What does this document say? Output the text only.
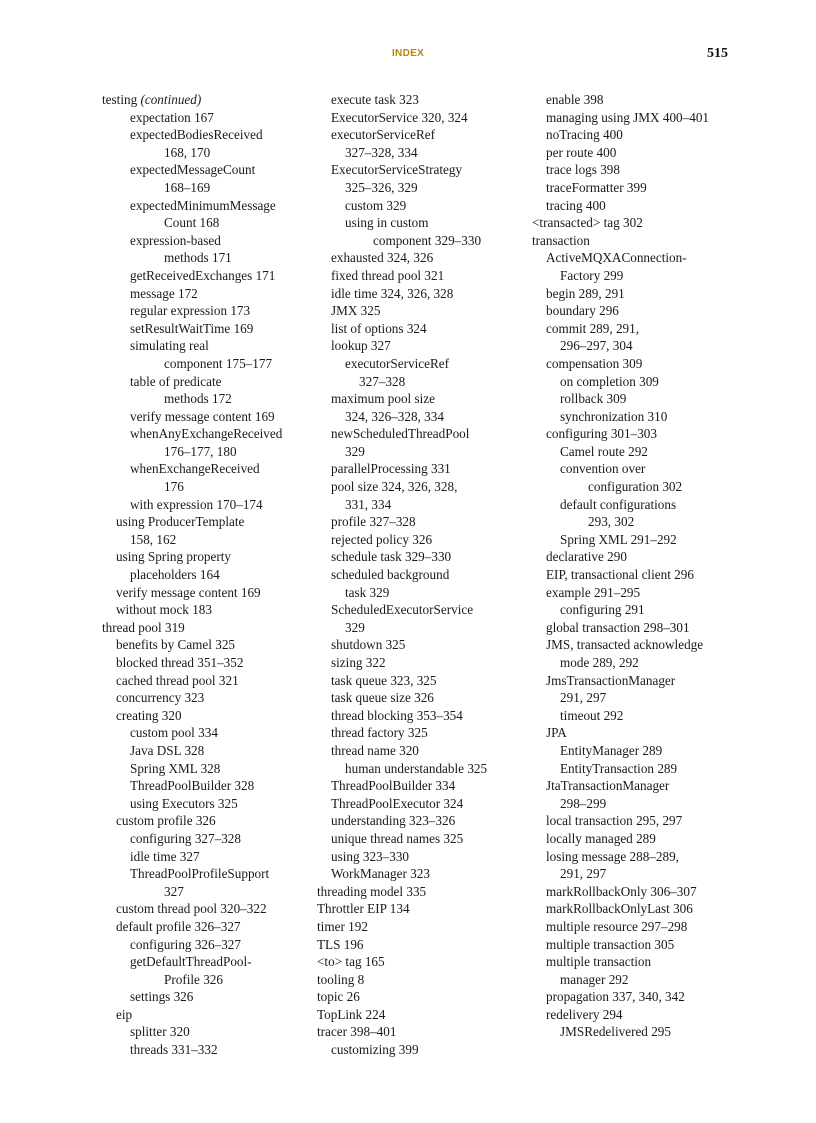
INDEX	515
testing (continued)
expectation 167
expectedBodiesReceived
168, 170
expectedMessageCount
168–169
expectedMinimumMessage
Count 168
expression-based
methods 171
getReceivedExchanges 171
message 172
regular expression 173
setResultWaitTime 169
simulating real
component 175–177
table of predicate
methods 172
verify message content 169
whenAnyExchangeReceived
176–177, 180
whenExchangeReceived
176
with expression 170–174
using ProducerTemplate
158, 162
using Spring property
placeholders 164
verify message content 169
without mock 183
thread pool 319
benefits by Camel 325
blocked thread 351–352
cached thread pool 321
concurrency 323
creating 320
custom pool 334
Java DSL 328
Spring XML 328
ThreadPoolBuilder 328
using Executors 325
custom profile 326
configuring 327–328
idle time 327
ThreadPoolProfileSupport
327
custom thread pool 320–322
default profile 326–327
configuring 326–327
getDefaultThreadPool-
Profile 326
settings 326
eip
splitter 320
threads 331–332
execute task 323
ExecutorService 320, 324
executorServiceRef
327–328, 334
ExecutorServiceStrategy
325–326, 329
custom 329
using in custom
component 329–330
exhausted 324, 326
fixed thread pool 321
idle time 324, 326, 328
JMX 325
list of options 324
lookup 327
executorServiceRef
327–328
maximum pool size
324, 326–328, 334
newScheduledThreadPool
329
parallelProcessing 331
pool size 324, 326, 328,
331, 334
profile 327–328
rejected policy 326
schedule task 329–330
scheduled background
task 329
ScheduledExecutorService
329
shutdown 325
sizing 322
task queue 323, 325
task queue size 326
thread blocking 353–354
thread factory 325
thread name 320
human understandable 325
ThreadPoolBuilder 334
ThreadPoolExecutor 324
understanding 323–326
unique thread names 325
using 323–330
WorkManager 323
threading model 335
Throttler EIP 134
timer 192
TLS 196
<to> tag 165
tooling 8
topic 26
TopLink 224
tracer 398–401
customizing 399
enable 398
managing using JMX 400–401
noTracing 400
per route 400
trace logs 398
traceFormatter 399
tracing 400
<transacted> tag 302
transaction
ActiveMQXAConnection-
Factory 299
begin 289, 291
boundary 296
commit 289, 291,
296–297, 304
compensation 309
on completion 309
rollback 309
synchronization 310
configuring 301–303
Camel route 292
convention over
configuration 302
default configurations
293, 302
Spring XML 291–292
declarative 290
EIP, transactional client 296
example 291–295
configuring 291
global transaction 298–301
JMS, transacted acknowledge
mode 289, 292
JmsTransactionManager
291, 297
timeout 292
JPA
EntityManager 289
EntityTransaction 289
JtaTransactionManager
298–299
local transaction 295, 297
locally managed 289
losing message 288–289,
291, 297
markRollbackOnly 306–307
markRollbackOnlyLast 306
multiple resource 297–298
multiple transaction 305
multiple transaction
manager 292
propagation 337, 340, 342
redelivery 294
JMSRedelivered 295
